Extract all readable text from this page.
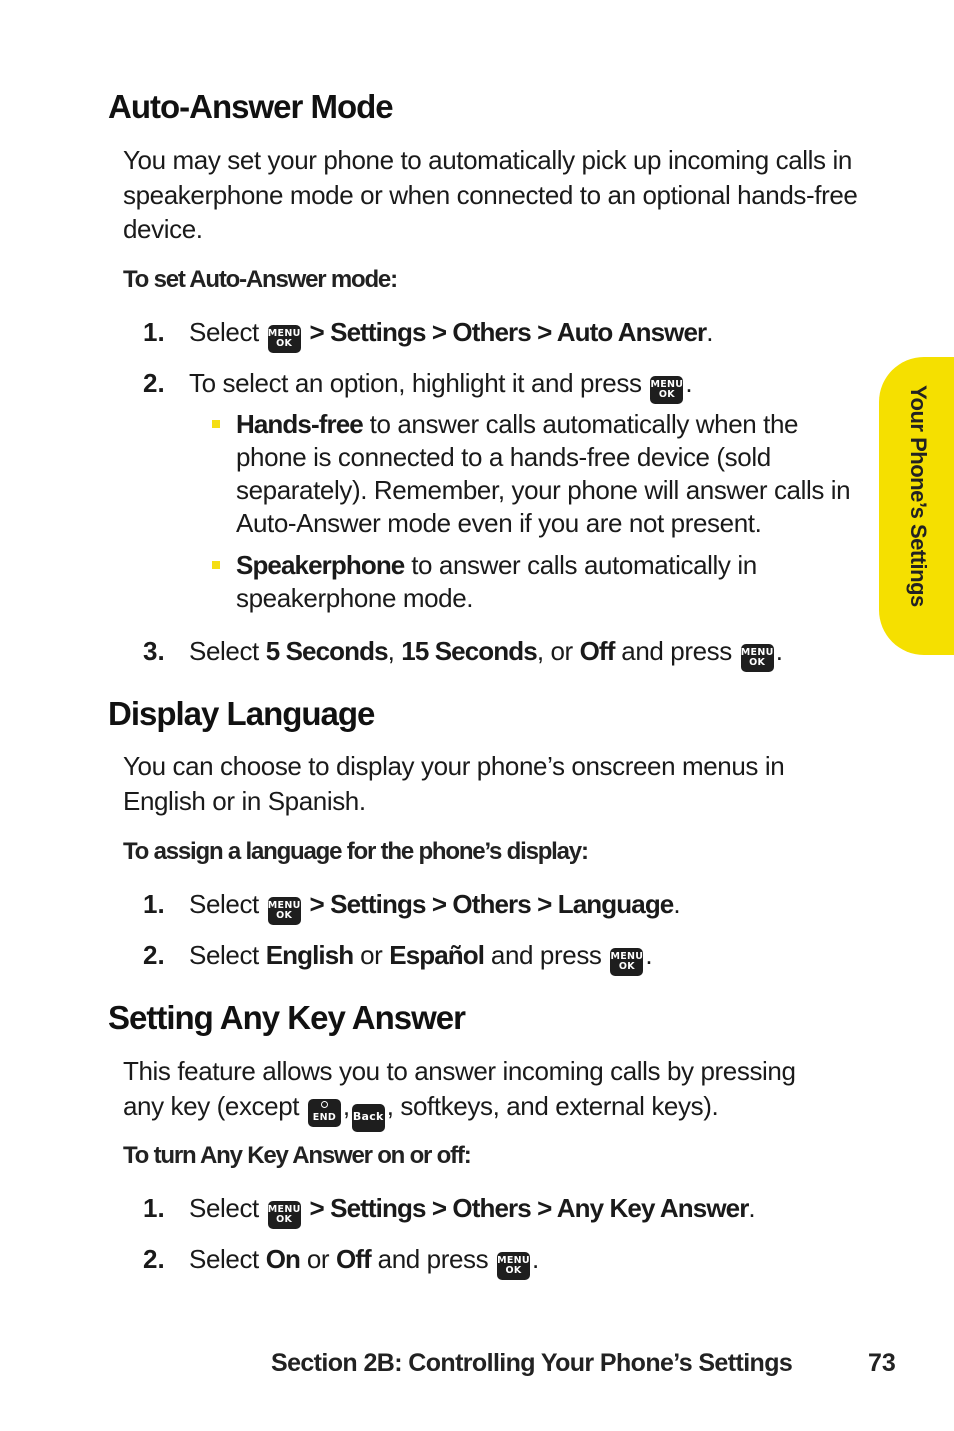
Your Phone’s Settings
Auto-Answer Mode

You may set your phone to automatically pick up incoming calls in speakerphone mode or when connected to an optional hands-free device.

To set Auto-Answer mode:

1. Select MENU
OK > Settings > Others > Auto Answer.
2. To select an option, highlight it and press MENU
OK .
Hands-free to answer calls automatically when the phone is connected to a hands-free device (sold separately). Remember, your phone will answer calls in Auto-Answer mode even if you are not present.
Speakerphone to answer calls automatically in speakerphone mode.
3. Select 5 Seconds, 15 Seconds, or Off and press MENU
OK .
Display Language

You can choose to display your phone’s onscreen menus in English or in Spanish.

To assign a language for the phone’s display:

1. Select MENU
OK > Settings > Others > Language.
2. Select English or Español and press MENU
OK .
Setting Any Key Answer
This feature allows you to answer incoming calls by pressing
any key (except END , Back , softkeys, and external keys).

To turn Any Key Answer on or off:

1. Select MENU
OK > Settings > Others > Any Key Answer.
2. Select On or Off and press MENU
OK .
Section 2B: Controlling Your Phone’s Settings	73
